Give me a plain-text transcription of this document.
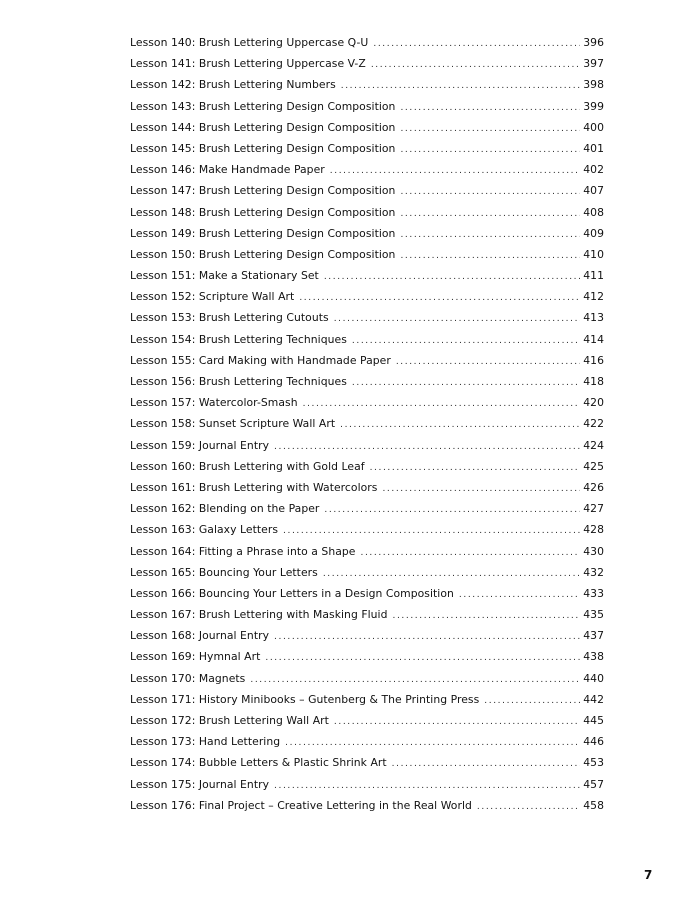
Lesson 140: Brush Lettering Uppercase Q-U .....	396
Lesson 141: Brush Lettering Uppercase V-Z .....	397
Lesson 142: Brush Lettering Numbers .....	398
Lesson 143: Brush Lettering Design Composition .....	399
Lesson 144: Brush Lettering Design Composition .....	400
Lesson 145: Brush Lettering Design Composition .....	401
Lesson 146: Make Handmade Paper .....	402
Lesson 147: Brush Lettering Design Composition .....	407
Lesson 148: Brush Lettering Design Composition .....	408
Lesson 149: Brush Lettering Design Composition .....	409
Lesson 150: Brush Lettering Design Composition .....	410
Lesson 151: Make a Stationary Set .....	411
Lesson 152: Scripture Wall Art .....	412
Lesson 153: Brush Lettering Cutouts .....	413
Lesson 154: Brush Lettering Techniques .....	414
Lesson 155: Card Making with Handmade Paper .....	416
Lesson 156: Brush Lettering Techniques .....	418
Lesson 157: Watercolor-Smash .....	420
Lesson 158: Sunset Scripture Wall Art .....	422
Lesson 159: Journal Entry .....	424
Lesson 160: Brush Lettering with Gold Leaf .....	425
Lesson 161: Brush Lettering with Watercolors .....	426
Lesson 162: Blending on the Paper .....	427
Lesson 163: Galaxy Letters .....	428
Lesson 164: Fitting a Phrase into a Shape .....	430
Lesson 165: Bouncing Your Letters .....	432
Lesson 166: Bouncing Your Letters in a Design Composition .....	433
Lesson 167: Brush Lettering with Masking Fluid .....	435
Lesson 168: Journal Entry .....	437
Lesson 169: Hymnal Art .....	438
Lesson 170: Magnets .....	440
Lesson 171: History Minibooks – Gutenberg & The Printing Press .....	442
Lesson 172: Brush Lettering Wall Art .....	445
Lesson 173: Hand Lettering .....	446
Lesson 174: Bubble Letters & Plastic Shrink Art .....	453
Lesson 175: Journal Entry .....	457
Lesson 176: Final Project – Creative Lettering in the Real World .....	458
7
